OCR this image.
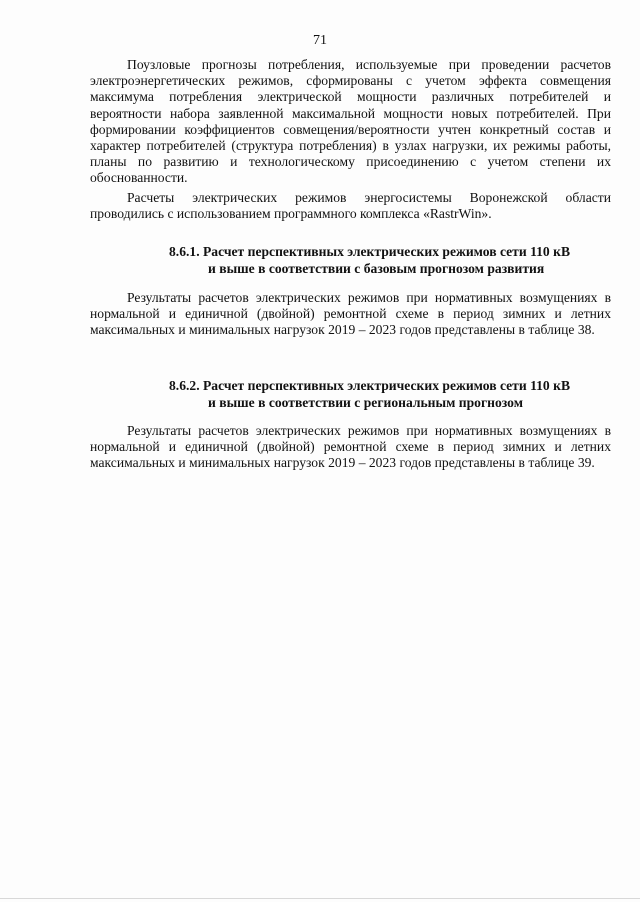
71

Поузловые прогнозы потребления, используемые при проведении расчетов электроэнергетических режимов, сформированы с учетом эффекта совмещения максимума потребления электрической мощности различных потребителей и вероятности набора заявленной максимальной мощности новых потребителей. При формировании коэффициентов совмещения/вероятности учтен конкретный состав и характер потребителей (структура потребления) в узлах нагрузки, их режимы работы, планы по развитию и технологическому присоединению с учетом степени их обоснованности.

Расчеты электрических режимов энергосистемы Воронежской области проводились с использованием программного комплекса «RastrWin».

8.6.1. Расчет перспективных электрических режимов сети 110 кВ
и выше в соответствии с базовым прогнозом развития

Результаты расчетов электрических режимов при нормативных возмущениях в нормальной и единичной (двойной) ремонтной схеме в период зимних и летних максимальных и минимальных нагрузок 2019 – 2023 годов представлены в таблице 38.

8.6.2. Расчет перспективных электрических режимов сети 110 кВ
и выше в соответствии с региональным прогнозом

Результаты расчетов электрических режимов при нормативных возмущениях в нормальной и единичной (двойной) ремонтной схеме в период зимних и летних максимальных и минимальных нагрузок 2019 – 2023 годов представлены в таблице 39.
